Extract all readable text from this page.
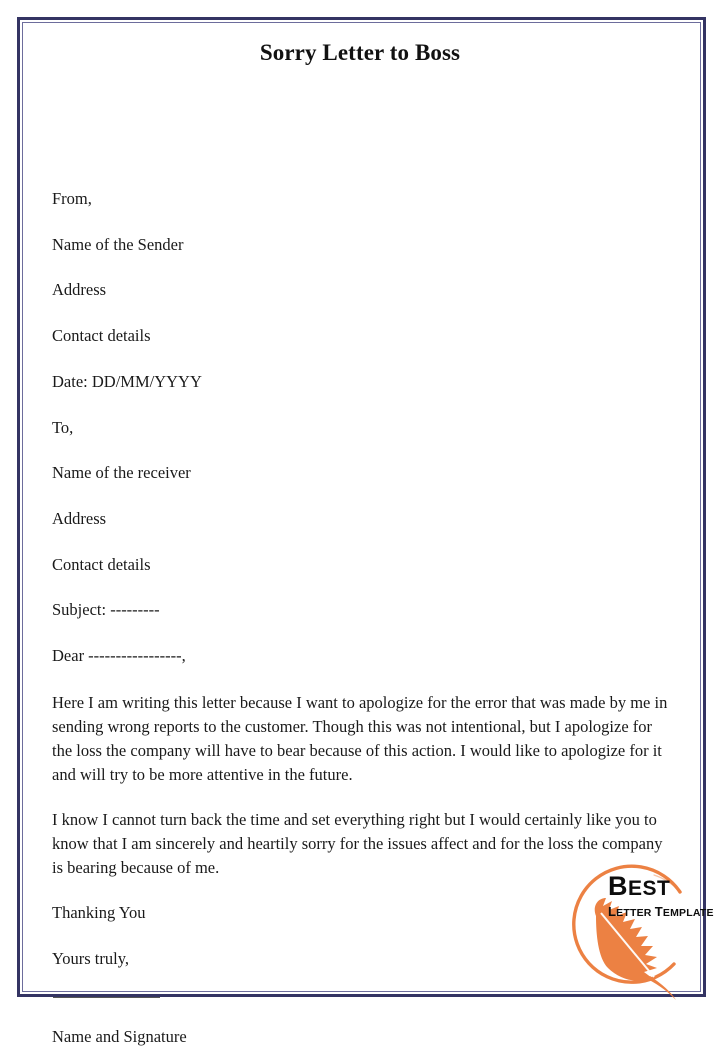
Sorry Letter to Boss

From,

Name of the Sender

Address

Contact details

Date: DD/MM/YYYY

To,

Name of the receiver

Address

Contact details

Subject: ---------

Dear -----------------,

Here I am writing this letter because I want to apologize for the error that was made by me in sending wrong reports to the customer. Though this was not intentional, but I apologize for the loss the company will have to bear because of this action. I would like to apologize for it and will try to be more attentive in the future.

I know I cannot turn back the time and set everything right but I would certainly like you to know that I am sincerely and heartily sorry for the issues affect and for the loss the company is bearing because of me.

Thanking You

Yours truly,

Name and Signature

BEST
LETTER TEMPLATE
